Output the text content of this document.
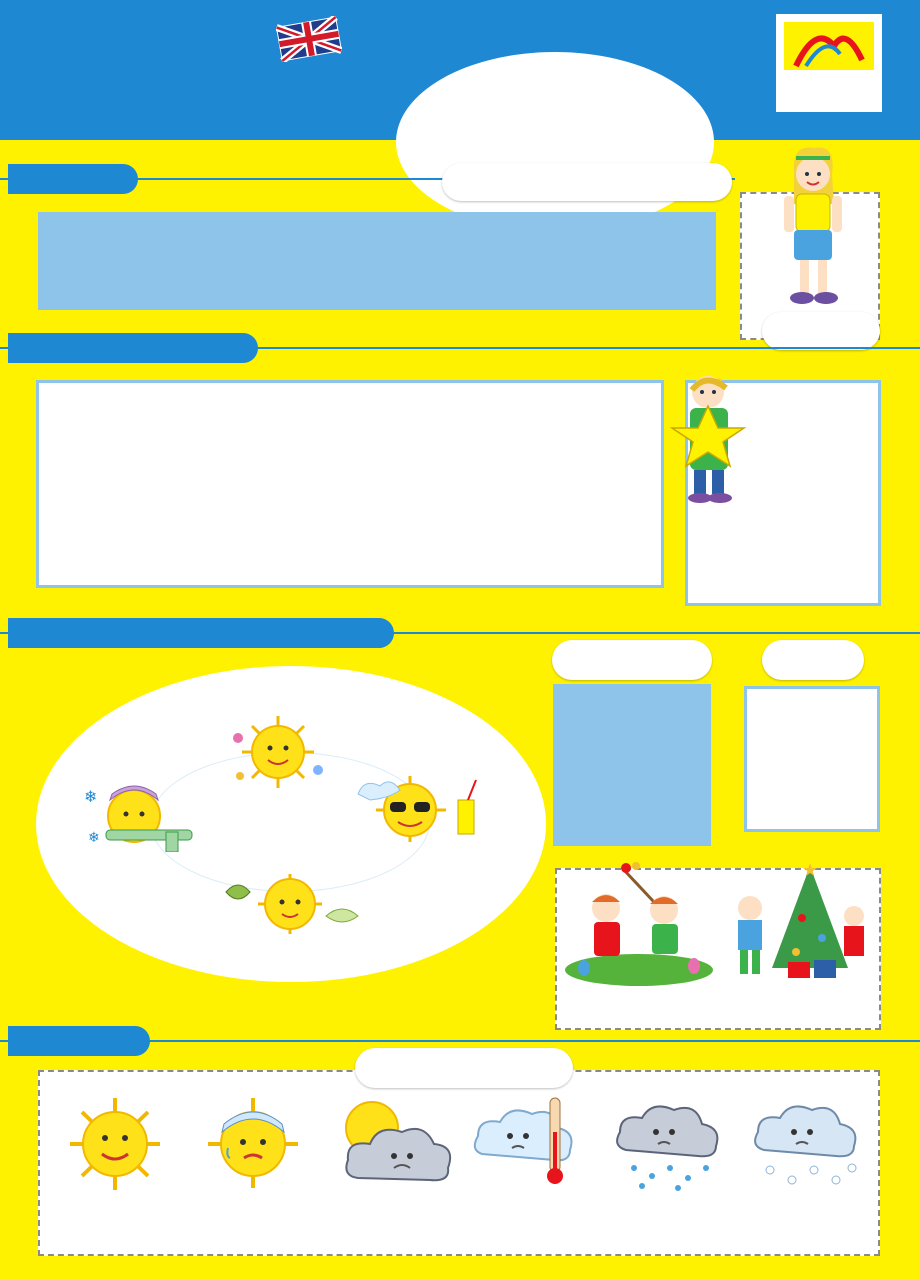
❄
❄
★
